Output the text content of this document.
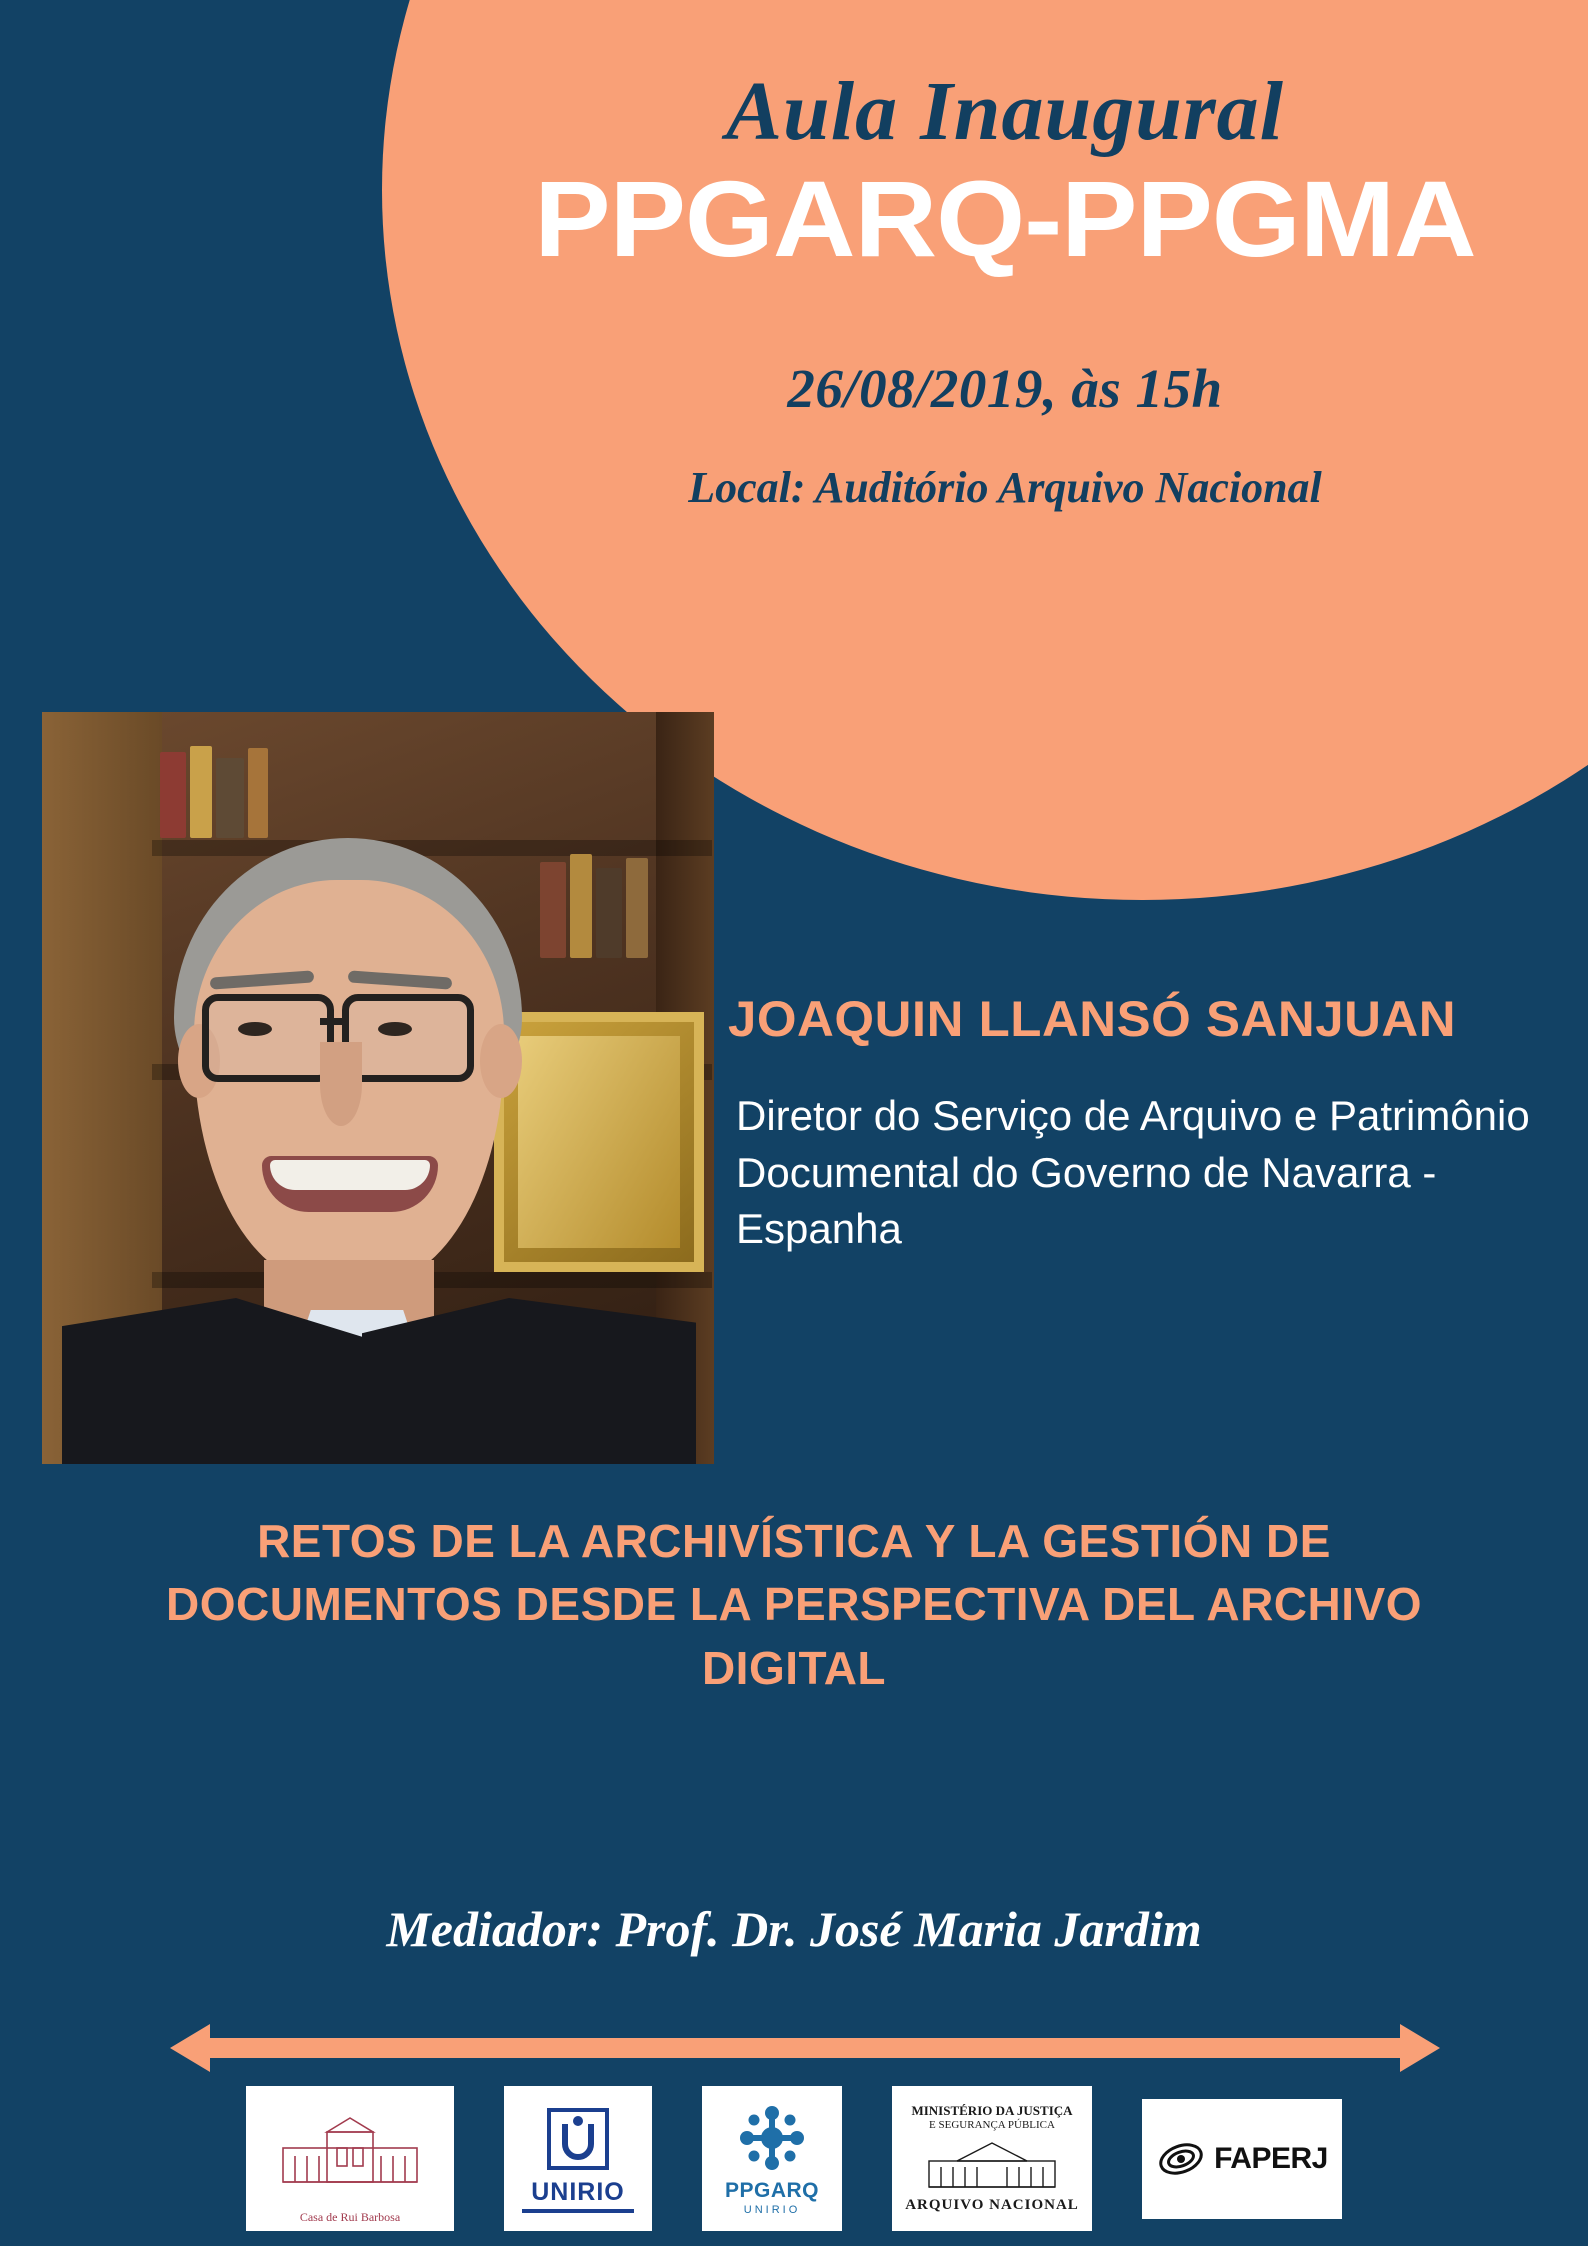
Aula Inaugural
PPGARQ-PPGMA
26/08/2019, às 15h
Local: Auditório Arquivo Nacional
JOAQUIN LLANSÓ SANJUAN
Diretor do Serviço de Arquivo e Patrimônio Documental do Governo de Navarra - Espanha
RETOS DE LA ARCHIVÍSTICA Y LA GESTIÓN DE DOCUMENTOS DESDE LA PERSPECTIVA DEL ARCHIVO DIGITAL
Mediador: Prof. Dr. José Maria Jardim
Casa de Rui Barbosa
UNIRIO	PPGARQ
UNIRIO
MINISTÉRIO DA JUSTIÇA
E SEGURANÇA PÚBLICA
ARQUIVO NACIONAL
FAPERJ
